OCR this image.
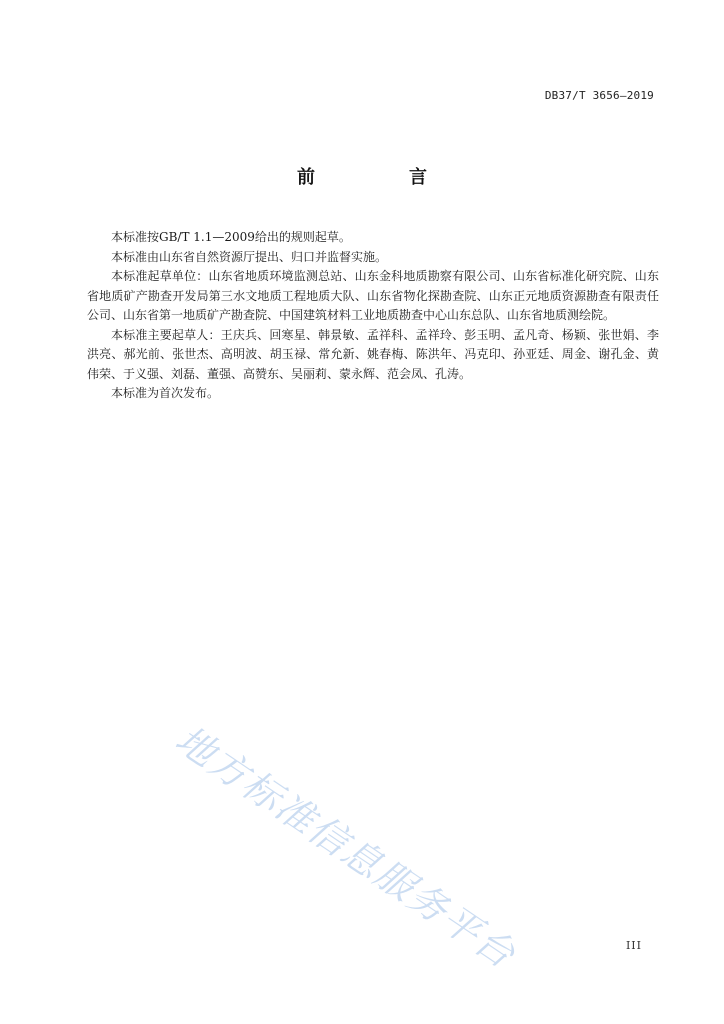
DB37/T 3656—2019
前　言

本标准按GB/T 1.1—2009给出的规则起草。

本标准由山东省自然资源厅提出、归口并监督实施。

本标准起草单位：山东省地质环境监测总站、山东金科地质勘察有限公司、山东省标准化研究院、山东省地质矿产勘查开发局第三水文地质工程地质大队、山东省物化探勘查院、山东正元地质资源勘查有限责任公司、山东省第一地质矿产勘查院、中国建筑材料工业地质勘查中心山东总队、山东省地质测绘院。

本标准主要起草人：王庆兵、回寒星、韩景敏、孟祥科、孟祥玲、彭玉明、孟凡奇、杨颖、张世娟、李洪亮、郝光前、张世杰、高明波、胡玉禄、常允新、姚春梅、陈洪年、冯克印、孙亚廷、周金、谢孔金、黄伟荣、于义强、刘磊、董强、高赞东、吴丽莉、蒙永辉、范会凤、孔涛。

本标准为首次发布。

地方标准信息服务平台	III
